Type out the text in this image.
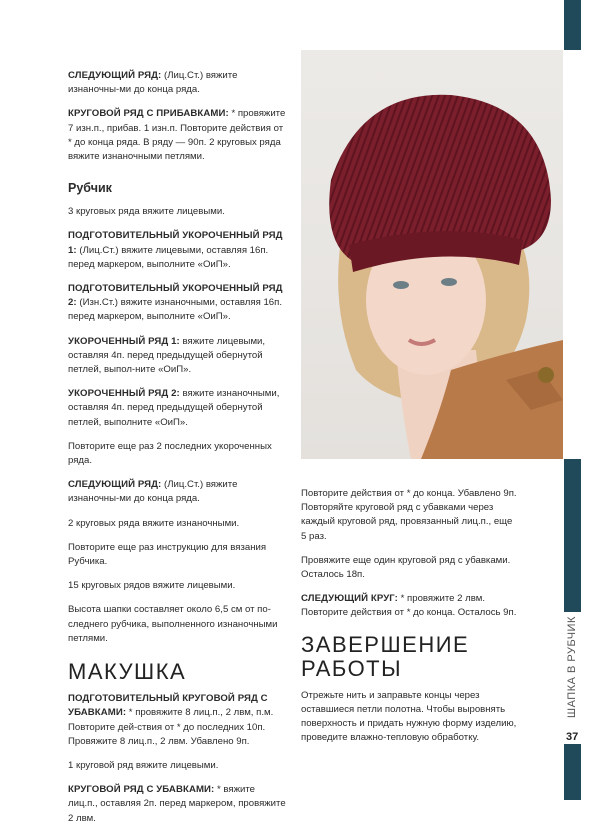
СЛЕДУЮЩИЙ РЯД: (Лиц.Ст.) вяжите изнаночны-ми до конца ряда.

КРУГОВОЙ РЯД С ПРИБАВКАМИ: * провяжите 7 изн.п., прибав. 1 изн.п. Повторите действия от * до конца ряда. В ряду — 90п. 2 круговых ряда вяжите изнаночными петлями.

Рубчик

3 круговых ряда вяжите лицевыми.

ПОДГОТОВИТЕЛЬНЫЙ УКОРОЧЕННЫЙ РЯД 1: (Лиц.Ст.) вяжите лицевыми, оставляя 16п. перед маркером, выполните «ОиП».

ПОДГОТОВИТЕЛЬНЫЙ УКОРОЧЕННЫЙ РЯД 2: (Изн.Ст.) вяжите изнаночными, оставляя 16п. перед маркером, выполните «ОиП».

УКОРОЧЕННЫЙ РЯД 1: вяжите лицевыми, оставляя 4п. перед предыдущей обернутой петлей, выпол-ните «ОиП».

УКОРОЧЕННЫЙ РЯД 2: вяжите изнаночными, оставляя 4п. перед предыдущей обернутой петлей, выполните «ОиП».

Повторите еще раз 2 последних укороченных ряда.

СЛЕДУЮЩИЙ РЯД: (Лиц.Ст.) вяжите изнаночны-ми до конца ряда.

2 круговых ряда вяжите изнаночными.

Повторите еще раз инструкцию для вязания Рубчика.

15 круговых рядов вяжите лицевыми.

Высота шапки составляет около 6,5 см от по-следнего рубчика, выполненного изнаночными петлями.

МАКУШКА

ПОДГОТОВИТЕЛЬНЫЙ КРУГОВОЙ РЯД С УБАВКАМИ: * провяжите 8 лиц.п., 2 лвм, п.м. Повторите дей-ствия от * до последних 10п. Провяжите 8 лиц.п., 2 лвм. Убавлено 9п.

1 круговой ряд вяжите лицевыми.

КРУГОВОЙ РЯД С УБАВКАМИ: * вяжите лиц.п., оставляя 2п. перед маркером, провяжите 2 лвм.

Повторите действия от * до конца. Убавлено 9п. Повторяйте круговой ряд с убавками через каждый круговой ряд, провязанный лиц.п., еще 5 раз.

Провяжите еще один круговой ряд с убавками. Осталось 18п.

СЛЕДУЮЩИЙ КРУГ: * провяжите 2 лвм. Повторите действия от * до конца. Осталось 9п.

ЗАВЕРШЕНИЕ
РАБОТЫ

Отрежьте нить и заправьте концы через оставшиеся петли полотна. Чтобы выровнять поверхность и придать нужную форму изделию, проведите влажно-тепловую обработку.

ШАПКА В РУБЧИК
37
